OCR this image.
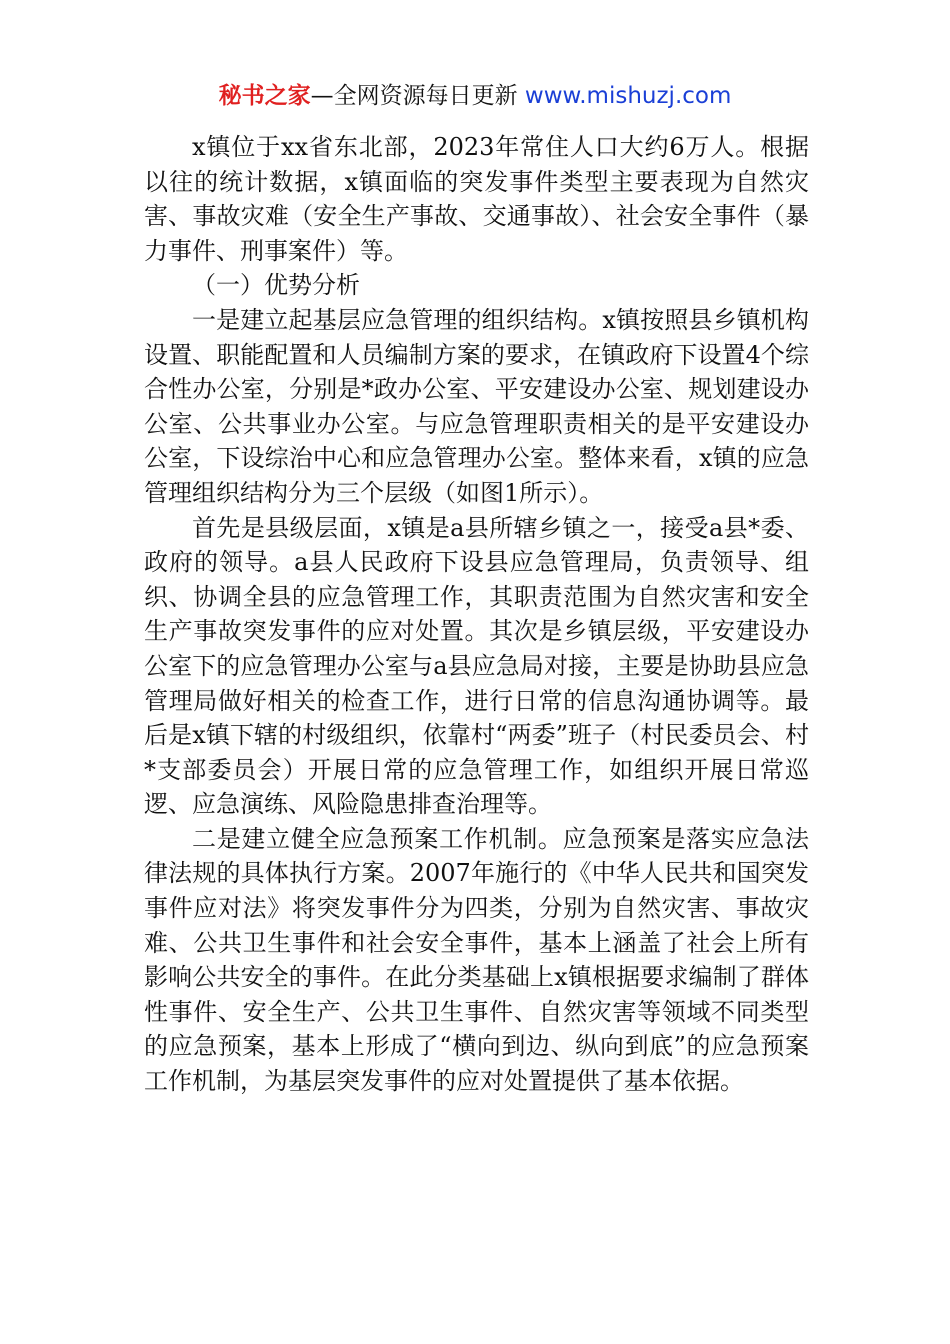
秘书之家—全网资源每日更新 www.mishuzj.com

x镇位于xx省东北部，2023年常住人口大约6万人。根据以往的统计数据，x镇面临的突发事件类型主要表现为自然灾害、事故灾难（安全生产事故、交通事故）、社会安全事件（暴力事件、刑事案件）等。

（一）优势分析

一是建立起基层应急管理的组织结构。x镇按照县乡镇机构设置、职能配置和人员编制方案的要求，在镇政府下设置4个综合性办公室，分别是*政办公室、平安建设办公室、规划建设办公室、公共事业办公室。与应急管理职责相关的是平安建设办公室，下设综治中心和应急管理办公室。整体来看，x镇的应急管理组织结构分为三个层级（如图1所示）。

首先是县级层面，x镇是a县所辖乡镇之一，接受a县*委、政府的领导。a县人民政府下设县应急管理局，负责领导、组织、协调全县的应急管理工作，其职责范围为自然灾害和安全生产事故突发事件的应对处置。其次是乡镇层级，平安建设办公室下的应急管理办公室与a县应急局对接，主要是协助县应急管理局做好相关的检查工作，进行日常的信息沟通协调等。最后是x镇下辖的村级组织，依靠村“两委”班子（村民委员会、村*支部委员会）开展日常的应急管理工作，如组织开展日常巡逻、应急演练、风险隐患排查治理等。

二是建立健全应急预案工作机制。应急预案是落实应急法律法规的具体执行方案。2007年施行的《中华人民共和国突发事件应对法》将突发事件分为四类，分别为自然灾害、事故灾难、公共卫生事件和社会安全事件，基本上涵盖了社会上所有影响公共安全的事件。在此分类基础上x镇根据要求编制了群体性事件、安全生产、公共卫生事件、自然灾害等领域不同类型的应急预案，基本上形成了“横向到边、纵向到底”的应急预案工作机制，为基层突发事件的应对处置提供了基本依据。
